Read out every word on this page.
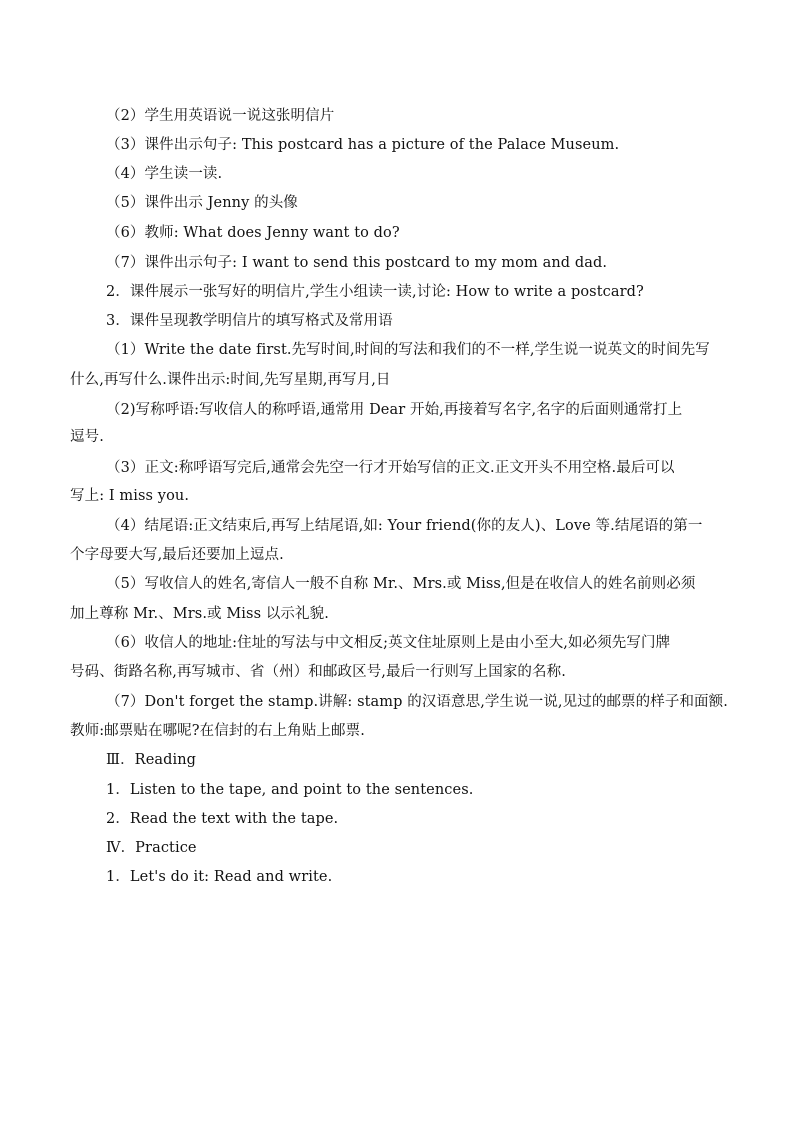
（2）学生用英语说一说这张明信片
（3）课件出示句子: This postcard has a picture of the Palace Museum.
（4）学生读一读.
（5）课件出示 Jenny 的头像
（6）教师: What does Jenny want to do?
（7）课件出示句子: I want to send this postcard to my mom and dad.
2．课件展示一张写好的明信片,学生小组读一读,讨论: How to write a postcard?
3．课件呈现教学明信片的填写格式及常用语
（1）Write the date first.先写时间,时间的写法和我们的不一样,学生说一说英文的时间先写
什么,再写什么.课件出示:时间,先写星期,再写月,日
（2)写称呼语:写收信人的称呼语,通常用 Dear 开始,再接着写名字,名字的后面则通常打上
逗号.
（3）正文:称呼语写完后,通常会先空一行才开始写信的正文.正文开头不用空格.最后可以
写上: I miss you.
（4）结尾语:正文结束后,再写上结尾语,如: Your friend(你的友人)、Love 等.结尾语的第一
个字母要大写,最后还要加上逗点.
（5）写收信人的姓名,寄信人一般不自称 Mr.、Mrs.或 Miss,但是在收信人的姓名前则必须
加上尊称 Mr.、Mrs.或 Miss 以示礼貌.
（6）收信人的地址:住址的写法与中文相反;英文住址原则上是由小至大,如必须先写门牌
号码、街路名称,再写城市、省（州）和邮政区号,最后一行则写上国家的名称.
（7）Don't forget the stamp.讲解: stamp 的汉语意思,学生说一说,见过的邮票的样子和面额.
教师:邮票贴在哪呢?在信封的右上角贴上邮票.
Ⅲ．Reading
1．Listen to the tape, and point to the sentences.
2．Read the text with the tape.
Ⅳ．Practice
1．Let's do it: Read and write.
